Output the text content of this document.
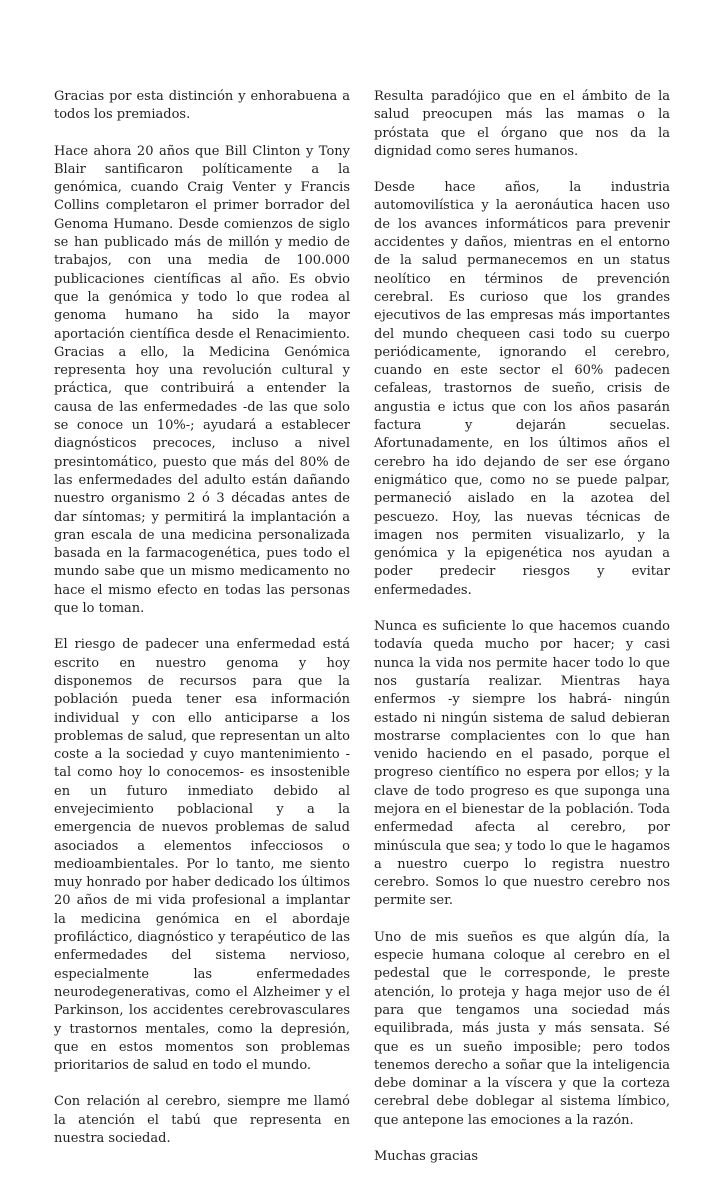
Gracias por esta distinción y enhorabuena a todos los premiados.

Hace ahora 20 años que Bill Clinton y Tony Blair santificaron políticamente a la genómica, cuando Craig Venter y Francis Collins completaron el primer borrador del Genoma Humano. Desde comienzos de siglo se han publicado más de millón y medio de trabajos, con una media de 100.000 publicaciones científicas al año. Es obvio que la genómica y todo lo que rodea al genoma humano ha sido la mayor aportación científica desde el Renacimiento. Gracias a ello, la Medicina Genómica representa hoy una revolución cultural y práctica, que contribuirá a entender la causa de las enfermedades -de las que solo se conoce un 10%-; ayudará a establecer diagnósticos precoces, incluso a nivel presintomático, puesto que más del 80% de las enfermedades del adulto están dañando nuestro organismo 2 ó 3 décadas antes de dar síntomas; y permitirá la implantación a gran escala de una medicina personalizada basada en la farmacogenética, pues todo el mundo sabe que un mismo medicamento no hace el mismo efecto en todas las personas que lo toman.

El riesgo de padecer una enfermedad está escrito en nuestro genoma y hoy disponemos de recursos para que la población pueda tener esa información individual y con ello anticiparse a los problemas de salud, que representan un alto coste a la sociedad y cuyo mantenimiento -tal como hoy lo conocemos- es insostenible en un futuro inmediato debido al envejecimiento poblacional y a la emergencia de nuevos problemas de salud asociados a elementos infecciosos o medioambientales. Por lo tanto, me siento muy honrado por haber dedicado los últimos 20 años de mi vida profesional a implantar la medicina genómica en el abordaje profiláctico, diagnóstico y terapéutico de las enfermedades del sistema nervioso, especialmente las enfermedades neurodegenerativas, como el Alzheimer y el Parkinson, los accidentes cerebrovasculares y trastornos mentales, como la depresión, que en estos momentos son problemas prioritarios de salud en todo el mundo.

Con relación al cerebro, siempre me llamó la atención el tabú que representa en nuestra sociedad.

Resulta paradójico que en el ámbito de la salud preocupen más las mamas o la próstata que el órgano que nos da la dignidad como seres humanos.

Desde hace años, la industria automovilística y la aeronáutica hacen uso de los avances informáticos para prevenir accidentes y daños, mientras en el entorno de la salud permanecemos en un status neolítico en términos de prevención cerebral. Es curioso que los grandes ejecutivos de las empresas más importantes del mundo chequeen casi todo su cuerpo periódicamente, ignorando el cerebro, cuando en este sector el 60% padecen cefaleas, trastornos de sueño, crisis de angustia e ictus que con los años pasarán factura y dejarán secuelas. Afortunadamente, en los últimos años el cerebro ha ido dejando de ser ese órgano enigmático que, como no se puede palpar, permaneció aislado en la azotea del pescuezo. Hoy, las nuevas técnicas de imagen nos permiten visualizarlo, y la genómica y la epigenética nos ayudan a poder predecir riesgos y evitar enfermedades.

Nunca es suficiente lo que hacemos cuando todavía queda mucho por hacer; y casi nunca la vida nos permite hacer todo lo que nos gustaría realizar. Mientras haya enfermos -y siempre los habrá- ningún estado ni ningún sistema de salud debieran mostrarse complacientes con lo que han venido haciendo en el pasado, porque el progreso científico no espera por ellos; y la clave de todo progreso es que suponga una mejora en el bienestar de la población. Toda enfermedad afecta al cerebro, por minúscula que sea; y todo lo que le hagamos a nuestro cuerpo lo registra nuestro cerebro. Somos lo que nuestro cerebro nos permite ser.

Uno de mis sueños es que algún día, la especie humana coloque al cerebro en el pedestal que le corresponde, le preste atención, lo proteja y haga mejor uso de él para que tengamos una sociedad más equilibrada, más justa y más sensata. Sé que es un sueño imposible; pero todos tenemos derecho a soñar que la inteligencia debe dominar a la víscera y que la corteza cerebral debe doblegar al sistema límbico, que antepone las emociones a la razón.

Muchas gracias
